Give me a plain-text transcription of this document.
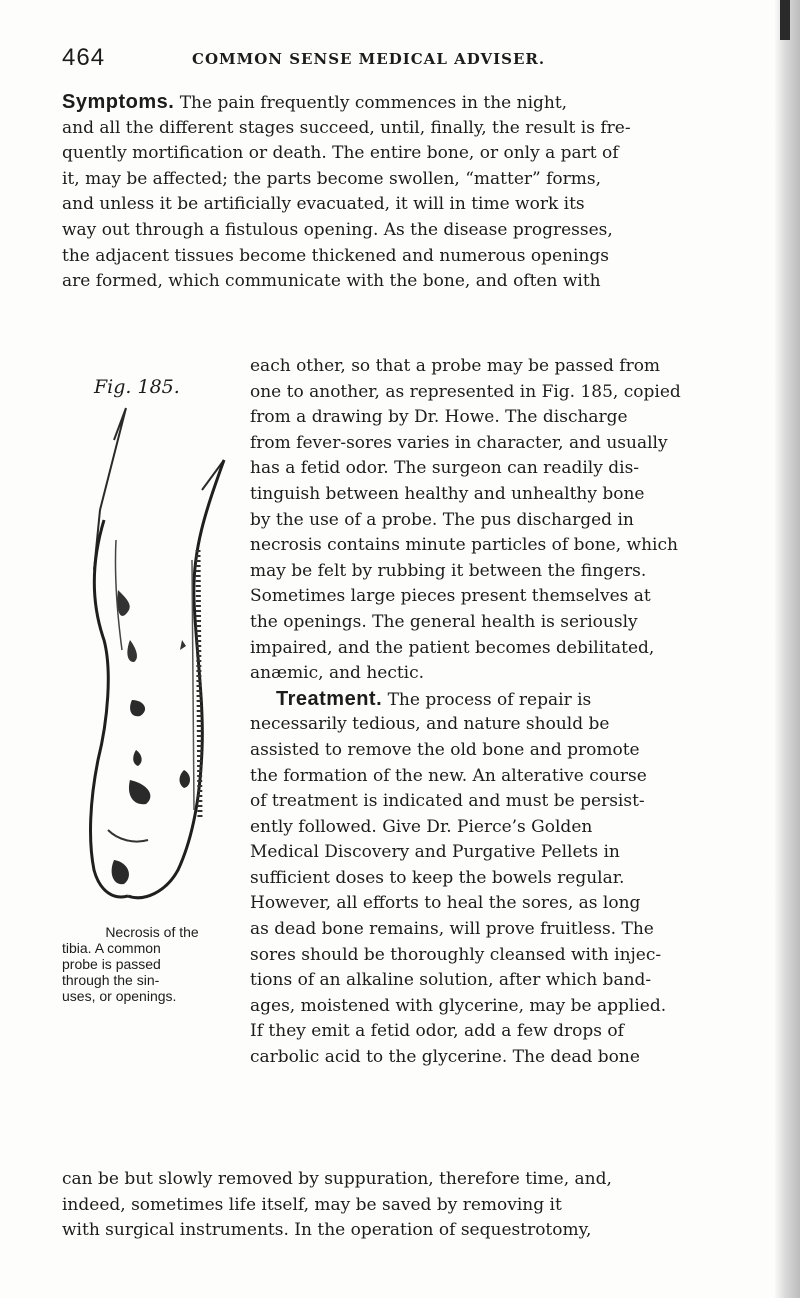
464	COMMON SENSE MEDICAL ADVISER.
Symptoms. The pain frequently commences in the night,
and all the different stages succeed, until, finally, the result is fre-
quently mortification or death. The entire bone, or only a part of
it, may be affected; the parts become swollen, “matter” forms,
and unless it be artificially evacuated, it will in time work its
way out through a fistulous opening. As the disease progresses,
the adjacent tissues become thickened and numerous openings
are formed, which communicate with the bone, and often with
Fig. 185.
each other, so that a probe may be passed from
one to another, as represented in Fig. 185, copied
from a drawing by Dr. Howe. The discharge
from fever-sores varies in character, and usually
has a fetid odor. The surgeon can readily dis-
tinguish between healthy and unhealthy bone
by the use of a probe. The pus discharged in
necrosis contains minute particles of bone, which
may be felt by rubbing it between the fingers.
Sometimes large pieces present themselves at
the openings. The general health is seriously
impaired, and the patient becomes debilitated,
anæmic, and hectic.
Treatment. The process of repair is
necessarily tedious, and nature should be
assisted to remove the old bone and promote
the formation of the new. An alterative course
of treatment is indicated and must be persist-
ently followed. Give Dr. Pierce’s Golden
Medical Discovery and Purgative Pellets in
sufficient doses to keep the bowels regular.
However, all efforts to heal the sores, as long
as dead bone remains, will prove fruitless. The
sores should be thoroughly cleansed with injec-
tions of an alkaline solution, after which band-
ages, moistened with glycerine, may be applied.
If they emit a fetid odor, add a few drops of
carbolic acid to the glycerine. The dead bone
Necrosis of the
tibia. A common
probe is passed
through the sin-
uses, or openings.
can be but slowly removed by suppuration, therefore time, and,
indeed, sometimes life itself, may be saved by removing it
with surgical instruments. In the operation of sequestrotomy,
